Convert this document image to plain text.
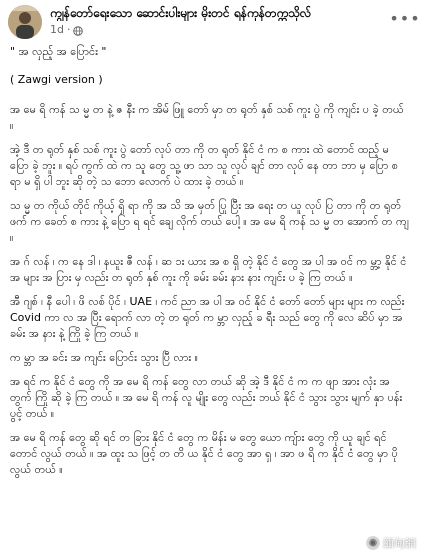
ကျွန်တော်ရေးသော ဆောင်းပါးများ မိုးတင် ရန်ကုန်တက္ကသိုလ်
1d ·
•••

" အ လှည့် အ ပြောင်း "

( Zawgi version )

အ မေ ရိ ကန် သ မ္မ တ နဲ့ ဇ နီး က အိမ် ဖြူ တော် မှာ တ ရုတ် နှစ် သစ် ကူး ပွဲ ကို ကျင်း ပ ခဲ့ တယ် ။

အဲ့ ဒီ တ ရုတ် နှစ် သစ် ကူး ပွဲ တော် လုပ် တာ ကို တ ရုတ် နိုင် ငံ က စ ကား ထဲ တောင် ထည့် မ ပြော ခဲ့ ဘူး ။ ရပ် ကွက် ထဲ က သူ တွေ သူ့ ဖာ သာ သူ လုပ် ချင် တာ လုပ် နေ တာ ဘာ မှ ပြော စ ရာ မ ရှိ ပါ ဘူး ဆို တဲ့ သ ဘော လောက် ပဲ ထား ခဲ့ တယ် ။

သ မ္မ တ ကိုယ် တိုင် ကိုယ့် ရှိ ရာ ကို အ သိ အ မှတ် ပြု ပြီး အ ရေး တ ယူ လုပ် ပြ တာ ကို တ ရုတ် ဖက် က ခေတ် စ ကား နဲ့ ပြော ရ ရင် ချေ လိုက် တယ် ပေါ့ ။ အ မေ ရိ ကန် သ မ္မ တ အောက် တ ကျ ။

အ ဂ် လန် ၊ က နေ ဒါ ၊ နယူး ဇီ လန် ၊ ဆ ၁း ယား အ စ ရှိ တဲ့ နိုင် ငံ တွေ အ ပါ အ ဝင် က မ္ဘာ့ နိုင် ငံ အ များ အ ပြား မှ လည်း တ ရုတ် နှစ် ကူး ကို ခမ်း ခမ်း နား နား ကျင်း ပ ခဲ့ ကြ တယ် ။

အီ ဂျစ် ၊ နီ ပေါ ၊ ဖိ လစ် ပိုင် ၊ UAE ၊ ကင် ညာ အ ပါ အ ဝင် နိုင် ငံ တော် တော် များ များ က လည်း Covid ကာ လ အ ပြီး ရောက် လာ တဲ့ တ ရုတ် က မ္ဘာ လှည့် ခ ရီး သည် တွေ ကို လေ ဆိပ် မှာ အ ခမ်း အ နား နဲ့ ကြို ခဲ့ ကြ တယ် ။

က မ္ဘာ အ ခင်း အ ကျင်း ပြောင်း သွား ပြီ လား ။

အ ရင် က နိုင် ငံ တွေ ကို အ မေ ရိ ကန် တွေ လာ တယ် ဆို အဲ့ ဒီ နိုင် ငံ က က ဖျာ အား လုံး အ တွက် ကြို ဆို ခဲ့ ကြ တယ် ။ အ မေ ရိ ကန် လူ မျိုး တွေ လည်း ဘယ် နိုင် ငံ သွား သွား မျက် နှာ ပန်း ပွင့် တယ် ။

အ မေ ရိ ကန် တွေ ဆို ရင် တ ခြား နိုင် ငံ တွေ က မိန်း မ တွေ ယော ကျ်ား တွေ ကို ယူ ချင် ရင် တောင် လွယ် တယ် ။ အ ထူး သ ဖြင့် တ တိ ယ နိုင် ငံ တွေ အာ ရှ ၊ အာ ဖ ရိ က နိုင် ငံ တွေ မှာ ပို လွယ် တယ် ။

◉ 緬甸網
